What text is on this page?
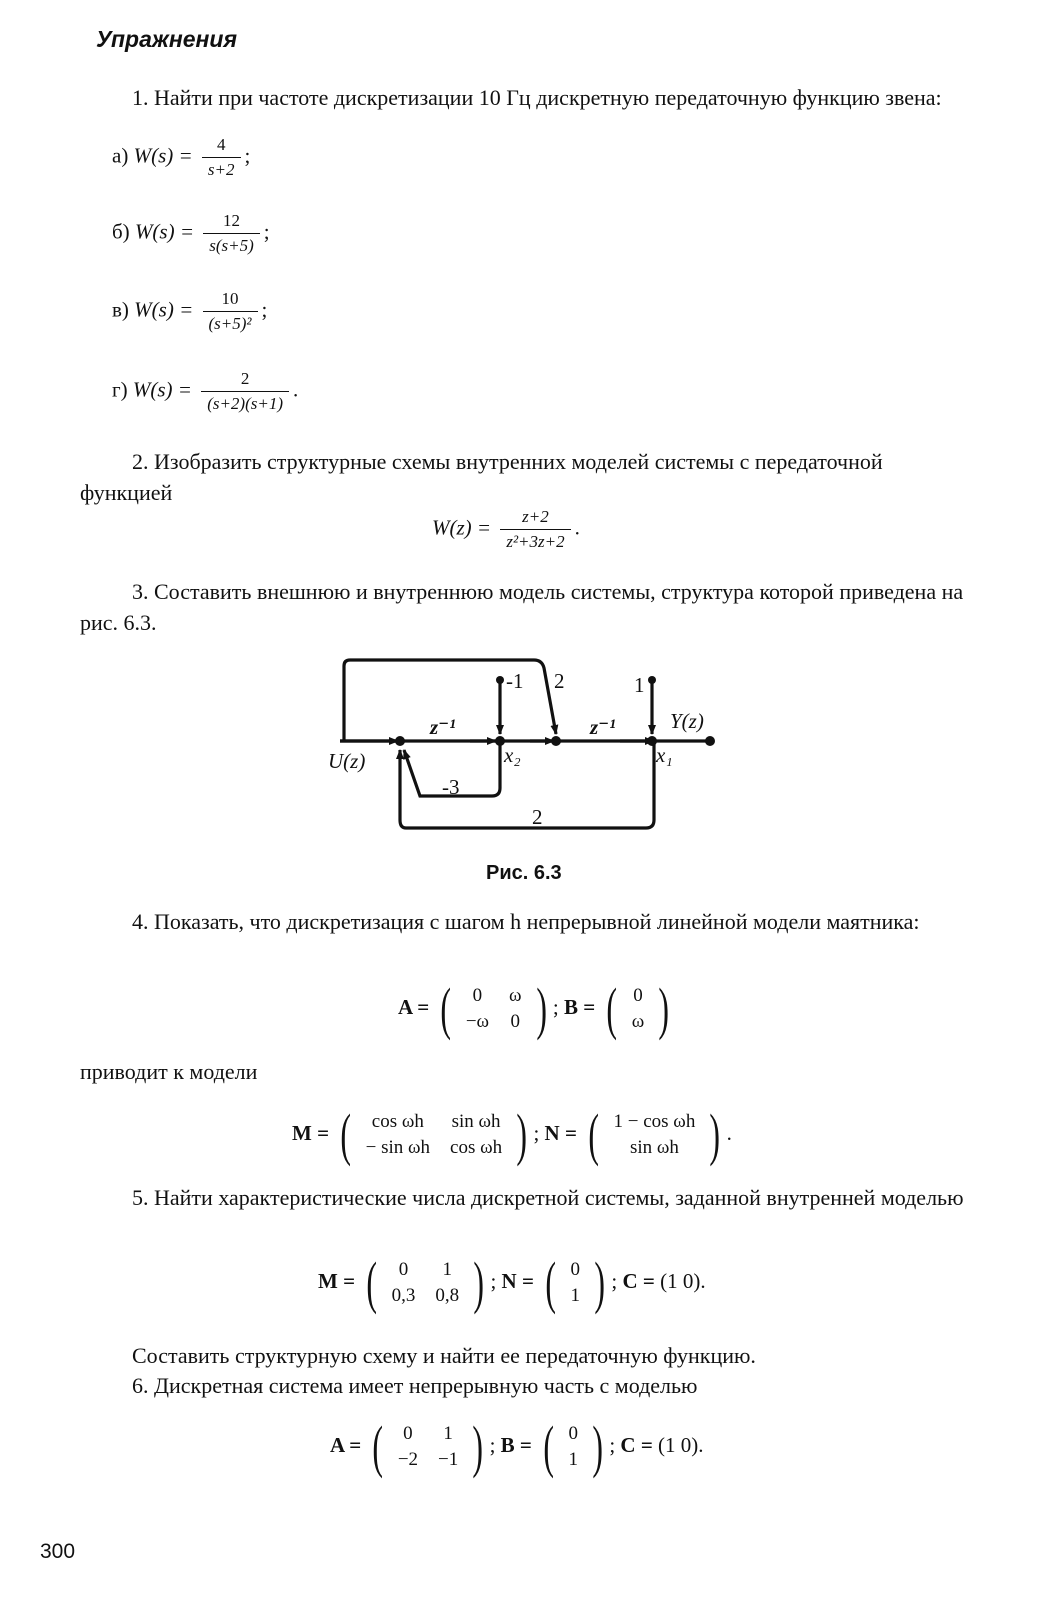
Упражнения
1. Найти при частоте дискретизации 10 Гц дискретную передаточную функцию звена:
а) $W(s) = \frac{4}{s+2}$ ;
б) $W(s) = \frac{12}{s(s+5)}$ ;
в) $W(s) = \frac{10}{\text{(s+5)²}}$ ;
г) $W(s) = \frac{2}{(s+2)(s+1)}$ .
2. Изобразить структурные схемы внутренних моделей системы с передаточной функцией
$W(z) = \frac{z+2}{\text{z²+3z+2}}$ .
3. Составить внешнюю и внутреннюю модель системы, структура которой приведена на рис. 6.3.
U(z)
Y(z)
z⁻¹	z⁻¹
x₂	x₁
-1 2	1
-3
2
Рис. 6.3
4. Показать, что дискретизация с шагом h непрерывной линейной модели маятника:
A = ( 0	ω
−ω	0 ) ; B = ( 0
ω )
приводит к модели
M = ( cos ωh	sin ωh
− sin ωh	cos ωh ) ; N = ( 1 − cos ωh
sin ωh ) .
5. Найти характеристические числа дискретной системы, заданной внутренней моделью
M = ( 0	1
0,3	0,8 ) ; N = ( 0
1 ) ; C = (1 0).
Составить структурную схему и найти ее передаточную функцию.
6. Дискретная система имеет непрерывную часть с моделью
A = ( 0	1
−2	−1 ) ; B = ( 0
1 ) ; C = (1 0).
300
